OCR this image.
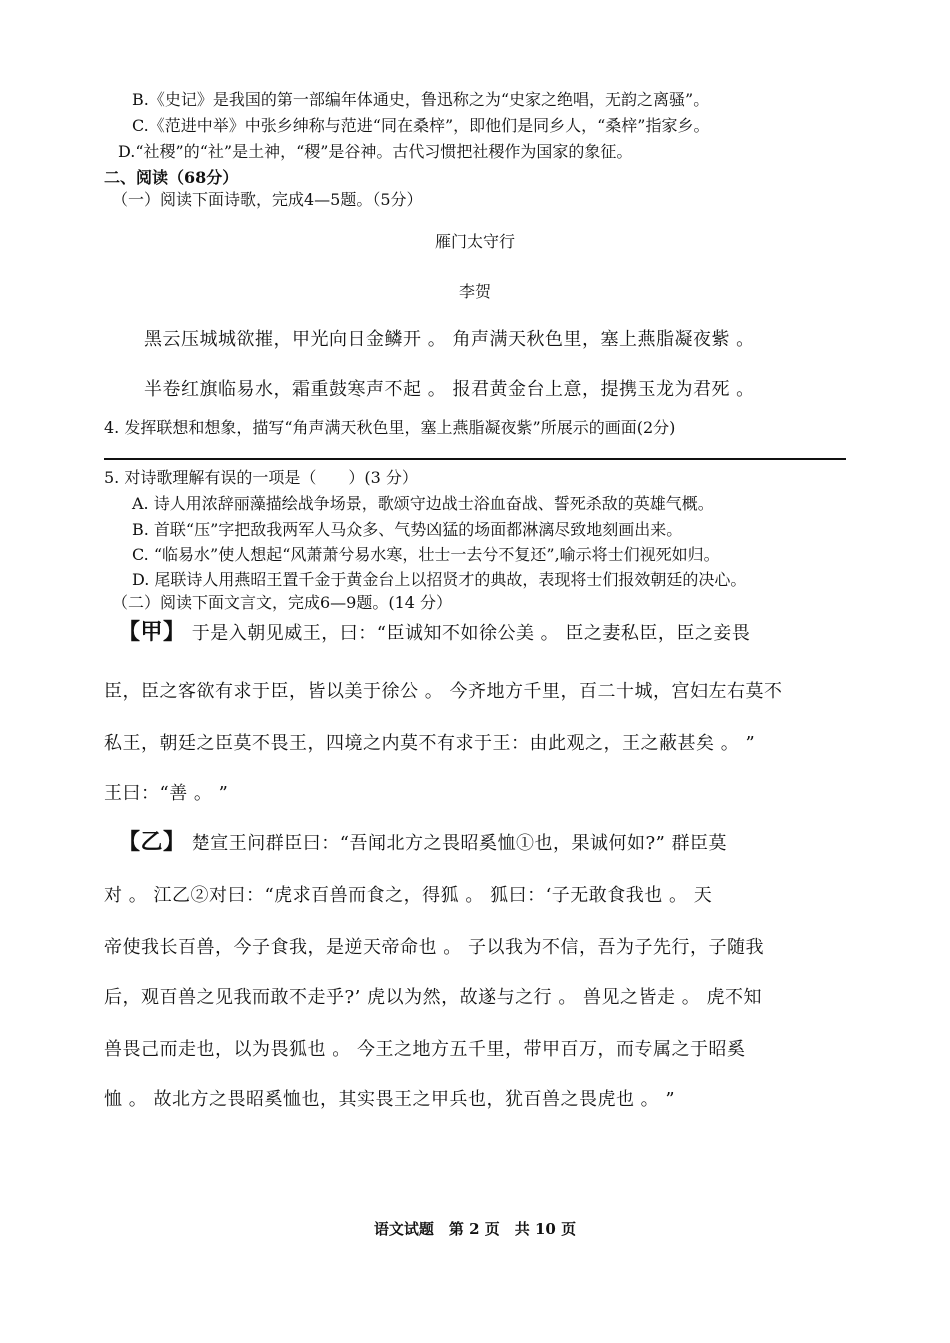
B.《史记》是我国的第一部编年体通史，鲁迅称之为“史家之绝唱，无韵之离骚”。
C.《范进中举》中张乡绅称与范进“同在桑梓”，即他们是同乡人，“桑梓”指家乡。
D.“社稷”的“社”是土神，“稷”是谷神。古代习惯把社稷作为国家的象征。
二、阅读（68分）
（一）阅读下面诗歌，完成4—5题。（5分）
雁门太守行
李贺
黑云压城城欲摧，甲光向日金鳞开 。 角声满天秋色里，塞上燕脂凝夜紫 。
半卷红旗临易水，霜重鼓寒声不起 。 报君黄金台上意，提携玉龙为君死 。
4. 发挥联想和想象，描写“角声满天秋色里，塞上燕脂凝夜紫”所展示的画面(2分)
5. 对诗歌理解有误的一项是（　　）(3 分）
A. 诗人用浓辞丽藻描绘战争场景，歌颂守边战士浴血奋战、誓死杀敌的英雄气概。
B. 首联“压”字把敌我两军人马众多、气势凶猛的场面都淋漓尽致地刻画出来。
C. “临易水”使人想起“风萧萧兮易水寒，壮士一去兮不复还”,喻示将士们视死如归。
D. 尾联诗人用燕昭王置千金于黄金台上以招贤才的典故，表现将士们报效朝廷的决心。
（二）阅读下面文言文，完成6—9题。(14 分）
【甲】 于是入朝见威王，曰：“臣诚知不如徐公美 。 臣之妻私臣，臣之妾畏
臣，臣之客欲有求于臣，皆以美于徐公 。 今齐地方千里，百二十城，宫妇左右莫不
私王，朝廷之臣莫不畏王，四境之内莫不有求于王：由此观之，王之蔽甚矣 。 ”
王曰：“善 。 ”
【乙】 楚宣王问群臣曰：“吾闻北方之畏昭奚恤①也，果诚何如?” 群臣莫
对 。 江乙②对曰：“虎求百兽而食之，得狐 。 狐曰：‘子无敢食我也 。 天
帝使我长百兽，今子食我，是逆天帝命也 。 子以我为不信，吾为子先行，子随我
后，观百兽之见我而敢不走乎?’ 虎以为然，故遂与之行 。 兽见之皆走 。 虎不知
兽畏己而走也，以为畏狐也 。 今王之地方五千里，带甲百万，而专属之于昭奚
恤 。 故北方之畏昭奚恤也，其实畏王之甲兵也，犹百兽之畏虎也 。 ”
语文试题　第 2 页　共 10 页
